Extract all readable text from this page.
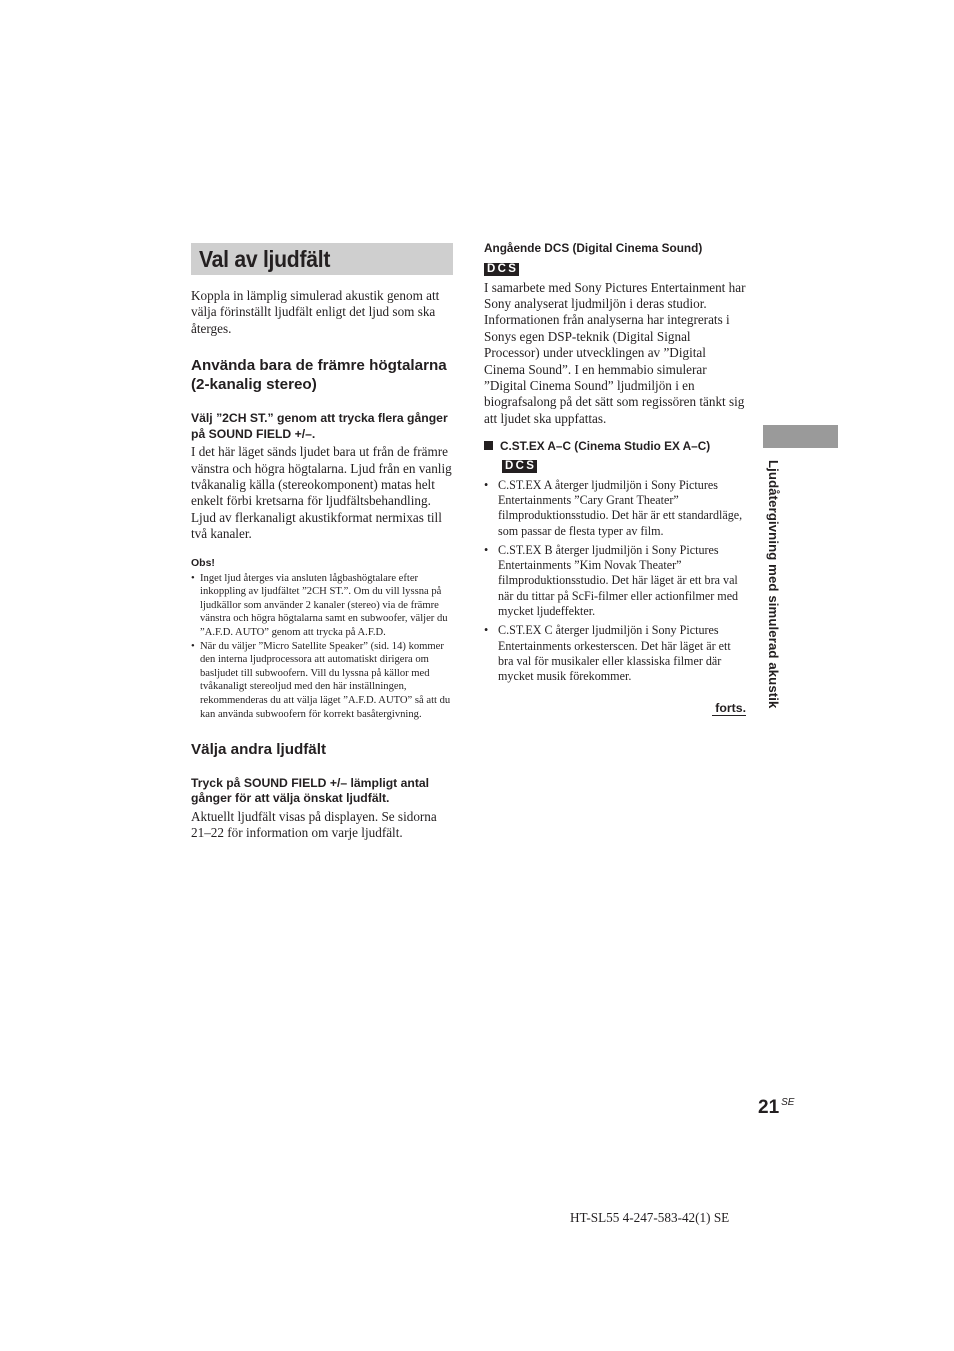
Val av ljudfält

Koppla in lämplig simulerad akustik genom att välja förinställt ljudfält enligt det ljud som ska återges.

Använda bara de främre högtalarna (2-kanalig stereo)
Välj ”2CH ST.” genom att trycka flera gånger på SOUND FIELD +/–.

I det här läget sänds ljudet bara ut från de främre vänstra och högra högtalarna. Ljud från en vanlig tvåkanalig källa (stereokomponent) matas helt enkelt förbi kretsarna för ljudfältsbehandling. Ljud av flerkanaligt akustikformat nermixas till två kanaler.

Obs!
• Inget ljud återges via ansluten lågbashögtalare efter inkoppling av ljudfältet ”2CH ST.”. Om du vill lyssna på ljudkällor som använder 2 kanaler (stereo) via de främre vänstra och högra högtalarna samt en subwoofer, väljer du ”A.F.D. AUTO” genom att trycka på A.F.D.
• När du väljer ”Micro Satellite Speaker” (sid. 14) kommer den interna ljudprocessora att automatiskt dirigera om basljudet till subwoofern. Vill du lyssna på källor med tvåkanaligt stereoljud med den här inställningen, rekommenderas du att välja läget ”A.F.D. AUTO” så att du kan använda subwoofern för korrekt basåtergivning.
Välja andra ljudfält
Tryck på SOUND FIELD +/– lämpligt antal gånger för att välja önskat ljudfält.

Aktuellt ljudfält visas på displayen. Se sidorna 21–22 för information om varje ljudfält.

Angående DCS (Digital Cinema Sound)
DCS

I samarbete med Sony Pictures Entertainment har Sony analyserat ljudmiljön i deras studior. Informationen från analyserna har integrerats i Sonys egen DSP-teknik (Digital Signal Processor) under utvecklingen av ”Digital Cinema Sound”. I en hemmabio simulerar ”Digital Cinema Sound” ljudmiljön i en biografsalong på det sätt som regissören tänkt sig att ljudet ska uppfattas.

C.ST.EX A–C (Cinema Studio EX A–C)
DCS
• C.ST.EX A återger ljudmiljön i Sony Pictures Entertainments ”Cary Grant Theater” filmproduktionsstudio. Det här är ett standardläge, som passar de flesta typer av film.
• C.ST.EX B återger ljudmiljön i Sony Pictures Entertainments ”Kim Novak Theater” filmproduktionsstudio. Det här läget är ett bra val när du tittar på ScFi-filmer eller actionfilmer med mycket ljudeffekter.
• C.ST.EX C återger ljudmiljön i Sony Pictures Entertainments orkesterscen. Det här läget är ett bra val för musikaler eller klassiska filmer där mycket musik förekommer.
forts. Ljudåtergivning med simulerad akustik
21 $^{SE}$
HT-SL55 4-247-583-42(1) SE
